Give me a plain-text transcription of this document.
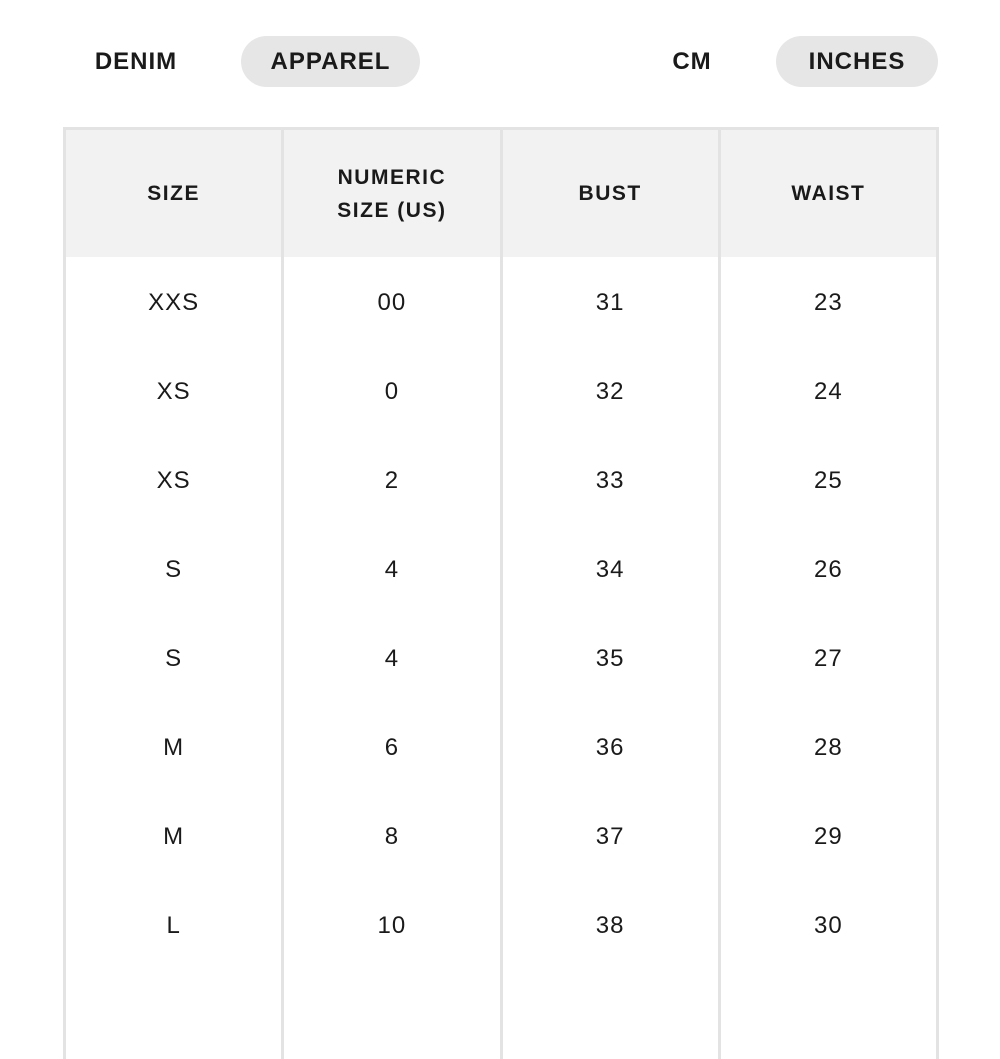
DENIM	APPAREL	CM	INCHES
SIZE	NUMERIC SIZE (US)	BUST	WAIST
XXS	00	31	23
XS	0	32	24
XS	2	33	25
S	4	34	26
S	4	35	27
M	6	36	28
M	8	37	29
L	10	38	30
